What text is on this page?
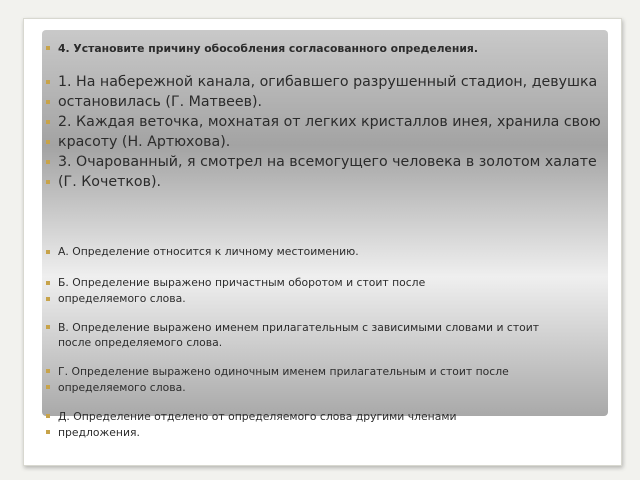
4. Установите причину обособления согласованного определения.
1. На набережной канала, огибавшего разрушенный стадион, девушка
остановилась (Г. Матвеев).
2. Каждая веточка, мохнатая от легких кристаллов инея, хранила свою
красоту (Н. Артюхова).
3. Очарованный, я смотрел на всемогущего человека в золотом халате
(Г. Кочетков).
А. Определение относится к личному местоимению.
Б. Определение выражено причастным оборотом и стоит после
определяемого слова.
В. Определение выражено именем прилагательным с зависимыми словами и стоит
после определяемого слова.
Г. Определение выражено одиночным именем прилагательным и стоит после
определяемого слова.
Д. Определение отделено от определяемого слова другими членами
предложения.
